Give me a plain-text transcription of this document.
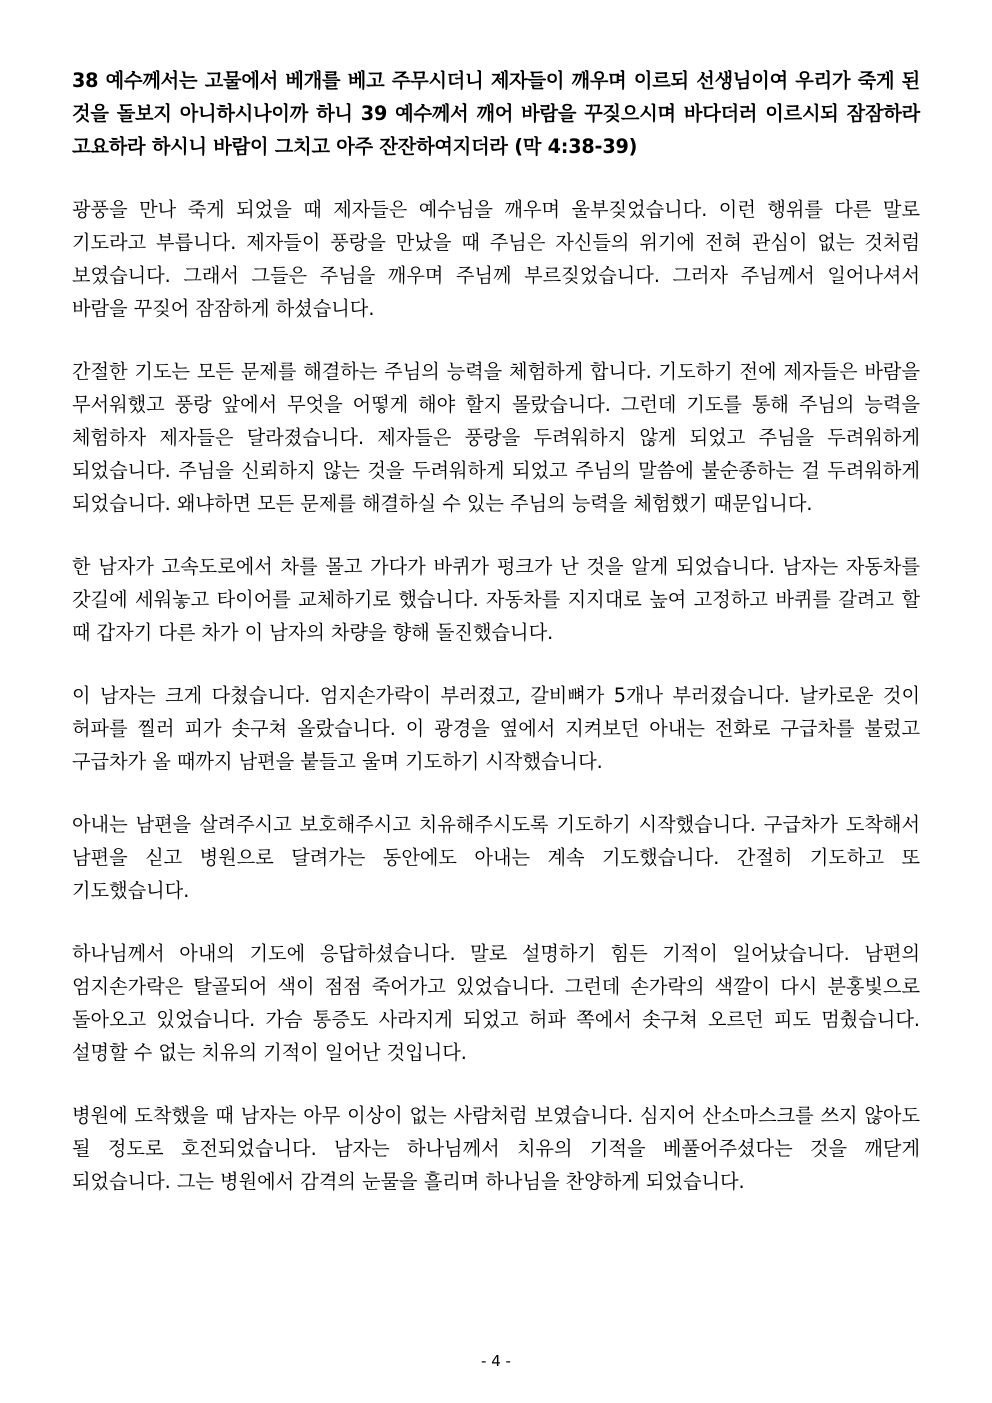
38 예수께서는 고물에서 베개를 베고 주무시더니 제자들이 깨우며 이르되 선생님이여 우리가 죽게 된 것을 돌보지 아니하시나이까 하니 39 예수께서 깨어 바람을 꾸짖으시며 바다더러 이르시되 잠잠하라 고요하라 하시니 바람이 그치고 아주 잔잔하여지더라 (막 4:38-39)

광풍을 만나 죽게 되었을 때 제자들은 예수님을 깨우며 울부짖었습니다. 이런 행위를 다른 말로 기도라고 부릅니다. 제자들이 풍랑을 만났을 때 주님은 자신들의 위기에 전혀 관심이 없는 것처럼 보였습니다. 그래서 그들은 주님을 깨우며 주님께 부르짖었습니다. 그러자 주님께서 일어나셔서 바람을 꾸짖어 잠잠하게 하셨습니다.

간절한 기도는 모든 문제를 해결하는 주님의 능력을 체험하게 합니다. 기도하기 전에 제자들은 바람을 무서워했고 풍랑 앞에서 무엇을 어떻게 해야 할지 몰랐습니다. 그런데 기도를 통해 주님의 능력을 체험하자 제자들은 달라졌습니다. 제자들은 풍랑을 두려워하지 않게 되었고 주님을 두려워하게 되었습니다. 주님을 신뢰하지 않는 것을 두려워하게 되었고 주님의 말씀에 불순종하는 걸 두려워하게 되었습니다. 왜냐하면 모든 문제를 해결하실 수 있는 주님의 능력을 체험했기 때문입니다.

한 남자가 고속도로에서 차를 몰고 가다가 바퀴가 펑크가 난 것을 알게 되었습니다. 남자는 자동차를 갓길에 세워놓고 타이어를 교체하기로 했습니다. 자동차를 지지대로 높여 고정하고 바퀴를 갈려고 할 때 갑자기 다른 차가 이 남자의 차량을 향해 돌진했습니다.

이 남자는 크게 다쳤습니다. 엄지손가락이 부러졌고, 갈비뼈가 5개나 부러졌습니다. 날카로운 것이 허파를 찔러 피가 솟구쳐 올랐습니다. 이 광경을 옆에서 지켜보던 아내는 전화로 구급차를 불렀고 구급차가 올 때까지 남편을 붙들고 울며 기도하기 시작했습니다.

아내는 남편을 살려주시고 보호해주시고 치유해주시도록 기도하기 시작했습니다. 구급차가 도착해서 남편을 싣고 병원으로 달려가는 동안에도 아내는 계속 기도했습니다. 간절히 기도하고 또 기도했습니다.

하나님께서 아내의 기도에 응답하셨습니다. 말로 설명하기 힘든 기적이 일어났습니다. 남편의 엄지손가락은 탈골되어 색이 점점 죽어가고 있었습니다. 그런데 손가락의 색깔이 다시 분홍빛으로 돌아오고 있었습니다. 가슴 통증도 사라지게 되었고 허파 쪽에서 솟구쳐 오르던 피도 멈췄습니다. 설명할 수 없는 치유의 기적이 일어난 것입니다.

병원에 도착했을 때 남자는 아무 이상이 없는 사람처럼 보였습니다. 심지어 산소마스크를 쓰지 않아도 될 정도로 호전되었습니다. 남자는 하나님께서 치유의 기적을 베풀어주셨다는 것을 깨닫게 되었습니다. 그는 병원에서 감격의 눈물을 흘리며 하나님을 찬양하게 되었습니다.

- 4 -
